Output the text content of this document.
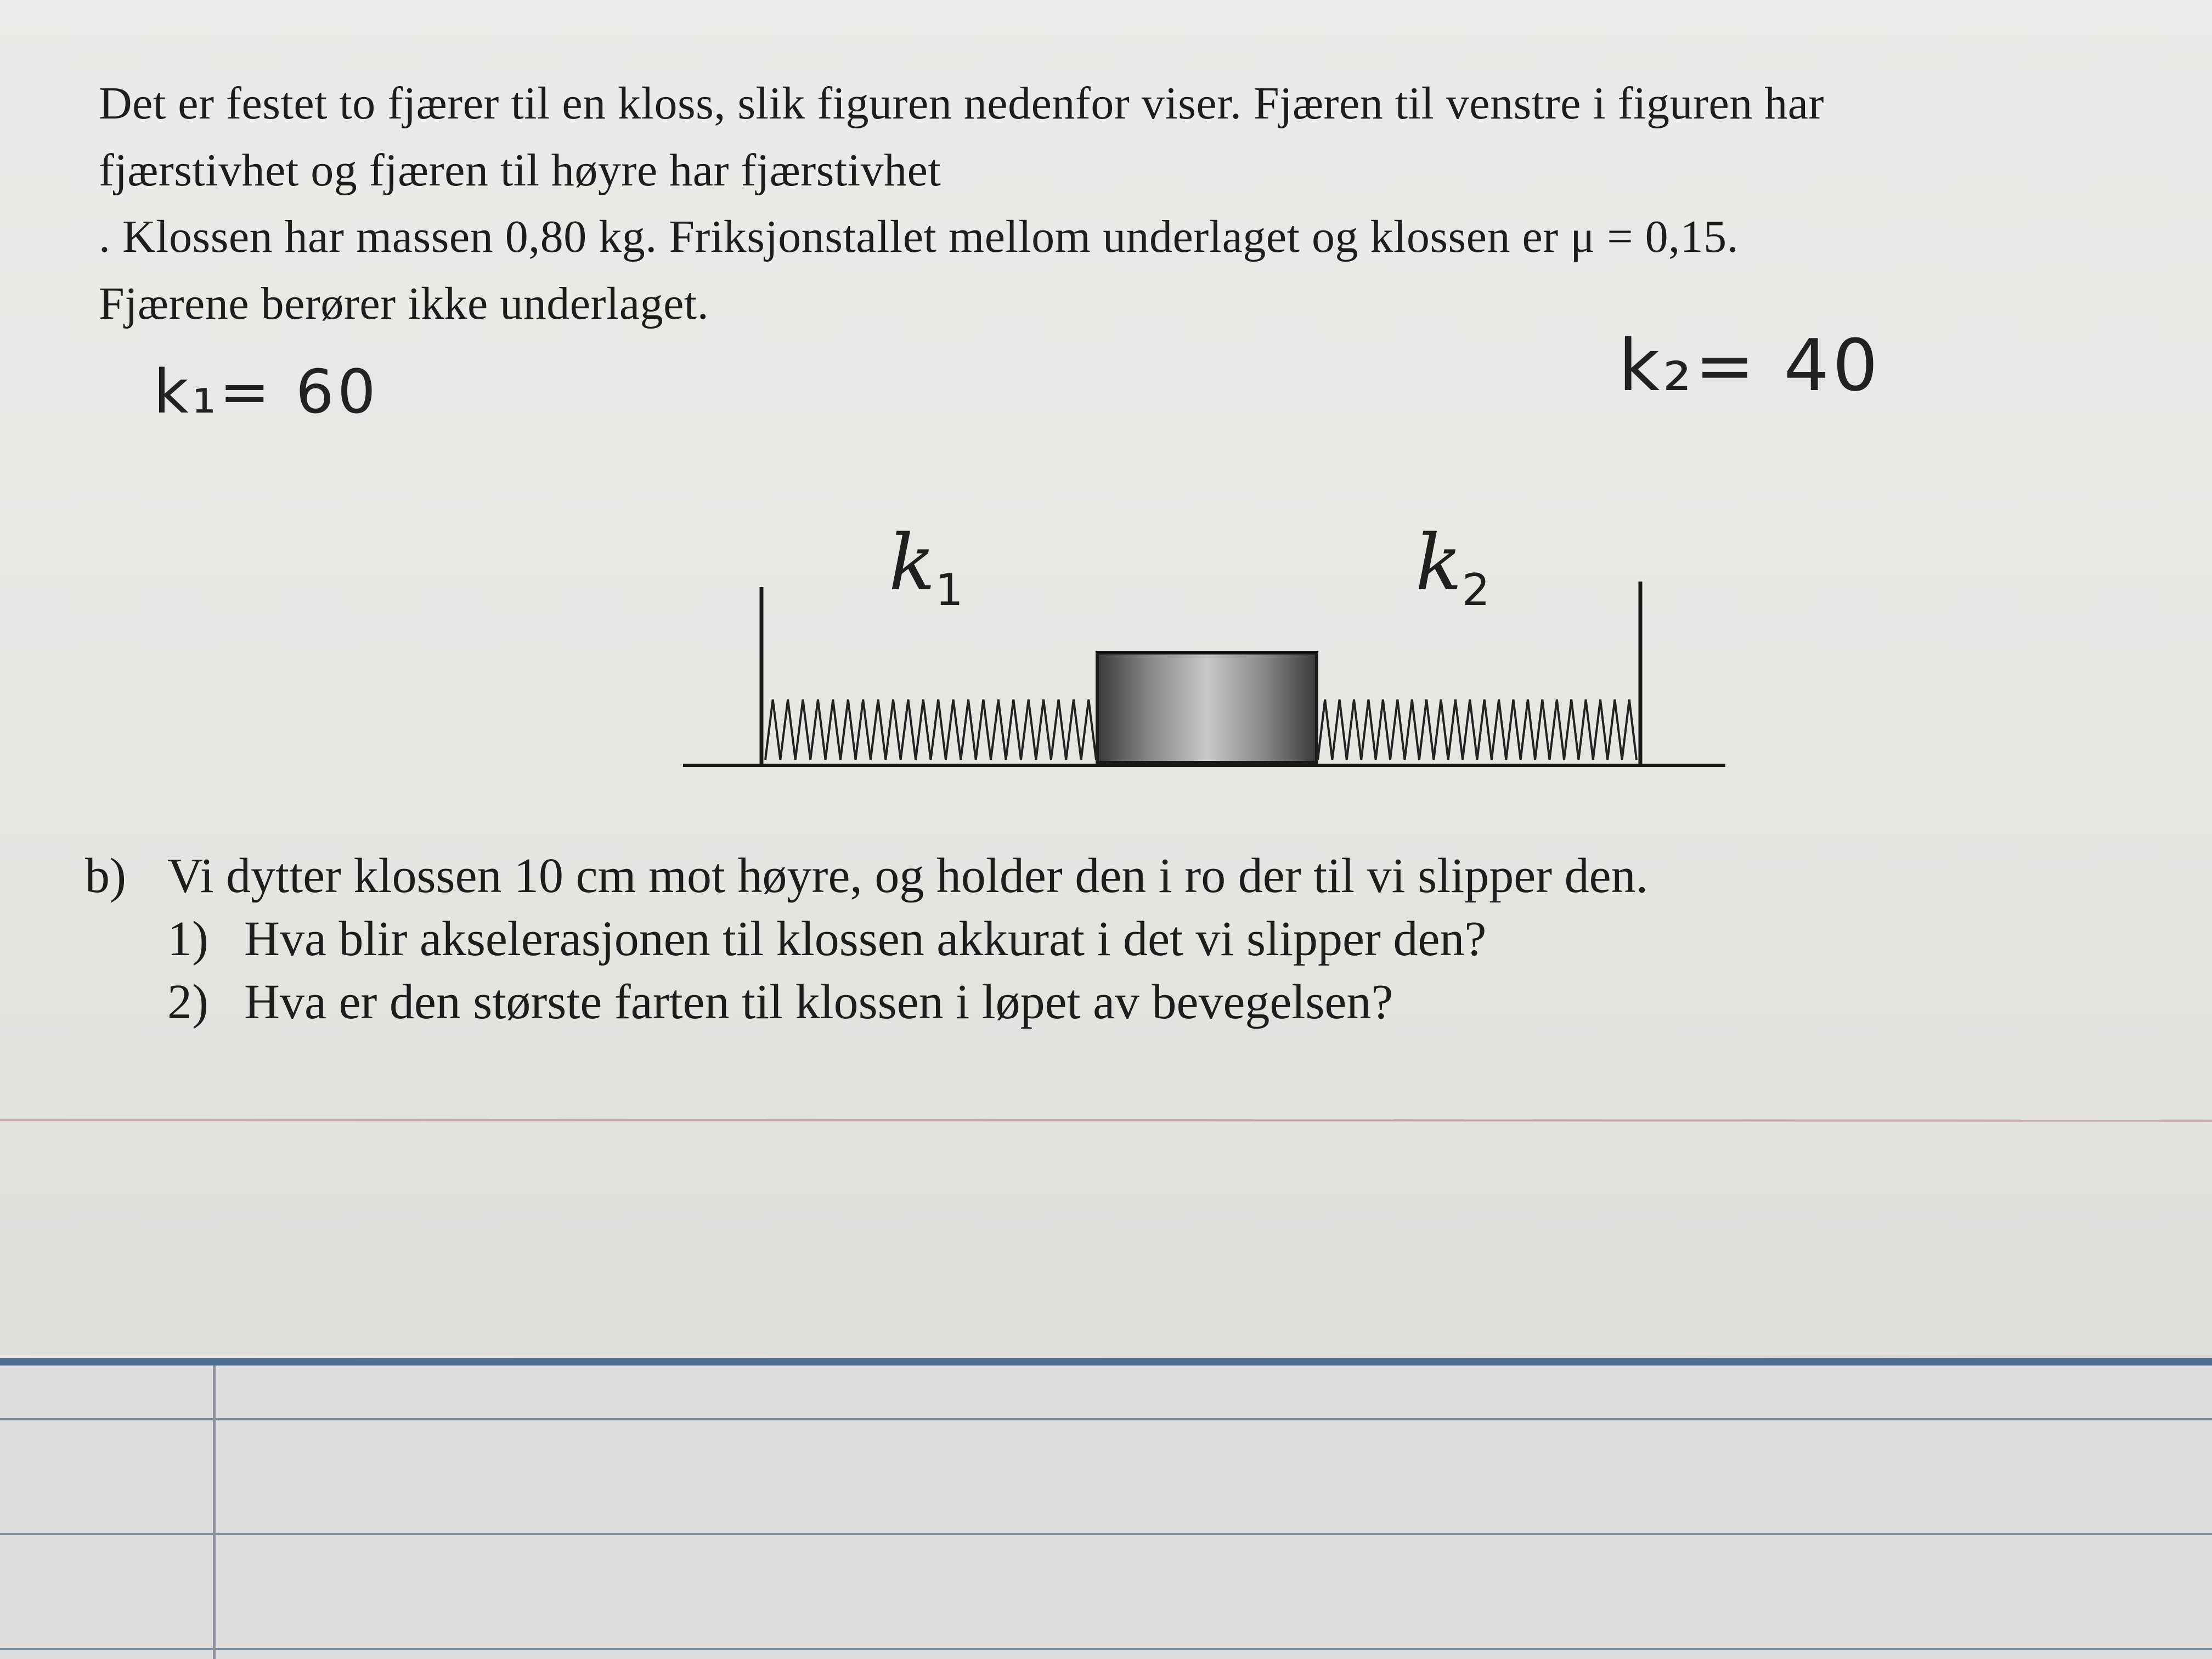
Det er festet to fjærer til en kloss, slik figuren nedenfor viser. Fjæren til venstre i figuren har
fjærstivhet og fjæren til høyre har fjærstivhet
. Klossen har massen 0,80 kg. Friksjonstallet mellom underlaget og klossen er μ = 0,15.
Fjærene berører ikke underlaget.
k₁= 60	k₂= 40
$k_1$	$k_2$
b) Vi dytter klossen 10 cm mot høyre, og holder den i ro der til vi slipper den.
1) Hva blir akselerasjonen til klossen akkurat i det vi slipper den?
2) Hva er den største farten til klossen i løpet av bevegelsen?
